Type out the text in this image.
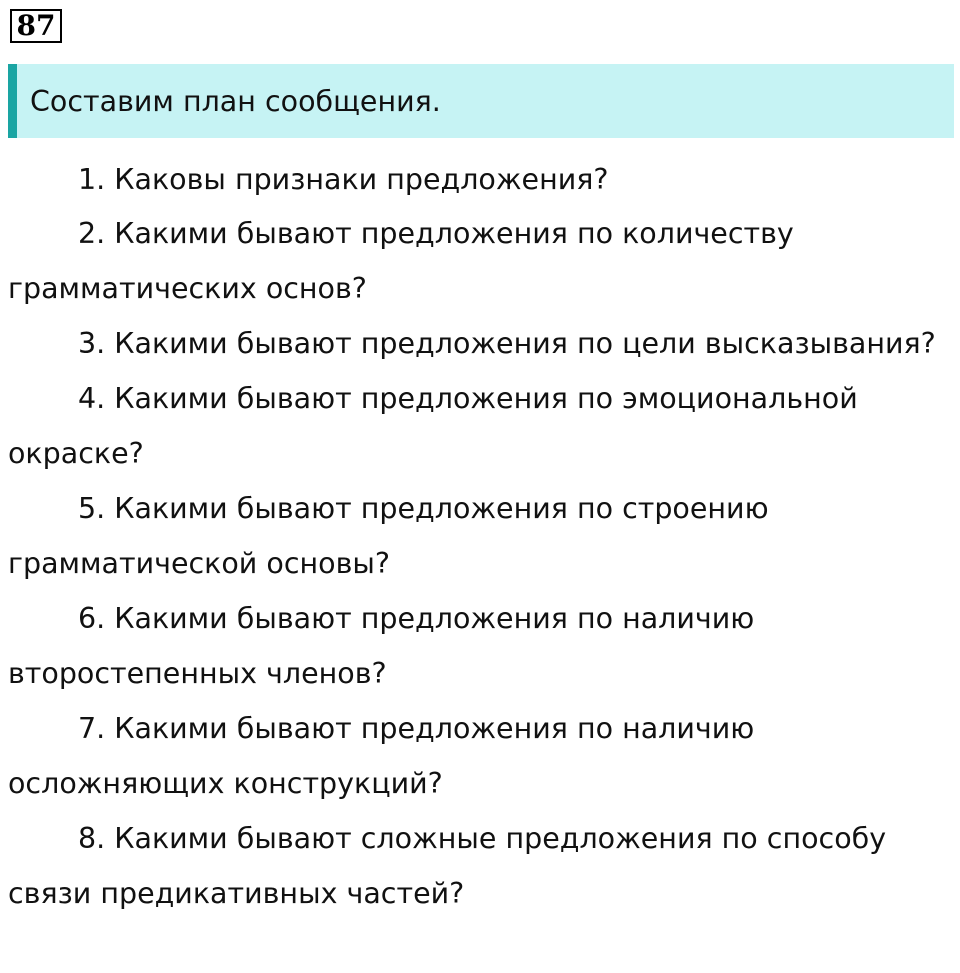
87
Составим план сообщения.
1. Каковы признаки предложения?
2. Какими бывают предложения по количеству грамматических основ?
3. Какими бывают предложения по цели высказывания?
4. Какими бывают предложения по эмоциональной окраске?
5. Какими бывают предложения по строению грамматической основы?
6. Какими бывают предложения по наличию второстепенных членов?
7. Какими бывают предложения по наличию осложняющих конструкций?
8. Какими бывают сложные предложения по способу связи предикативных частей?
